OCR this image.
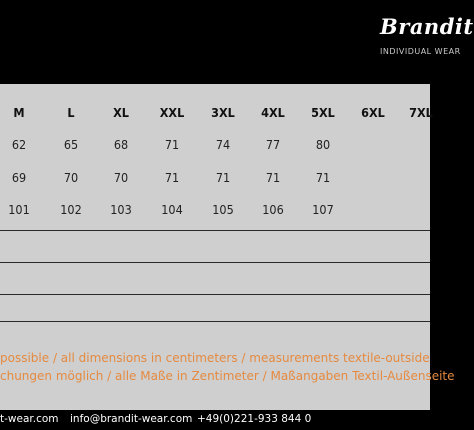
Brandit
INDIVIDUAL WEAR
M	L	XL	XXL	3XL	4XL	5XL	6XL	7XL
62	65	68	71	74	77	80
69	70	70	71	71	71	71
101	102	103	104	105	106	107
possible / all dimensions in centimeters / measurements textile-outside
chungen möglich / alle Maße in Zentimeter / Maßangaben Textil-Außenseite
t-wear.com info@brandit-wear.com +49(0)221-933 844 0
